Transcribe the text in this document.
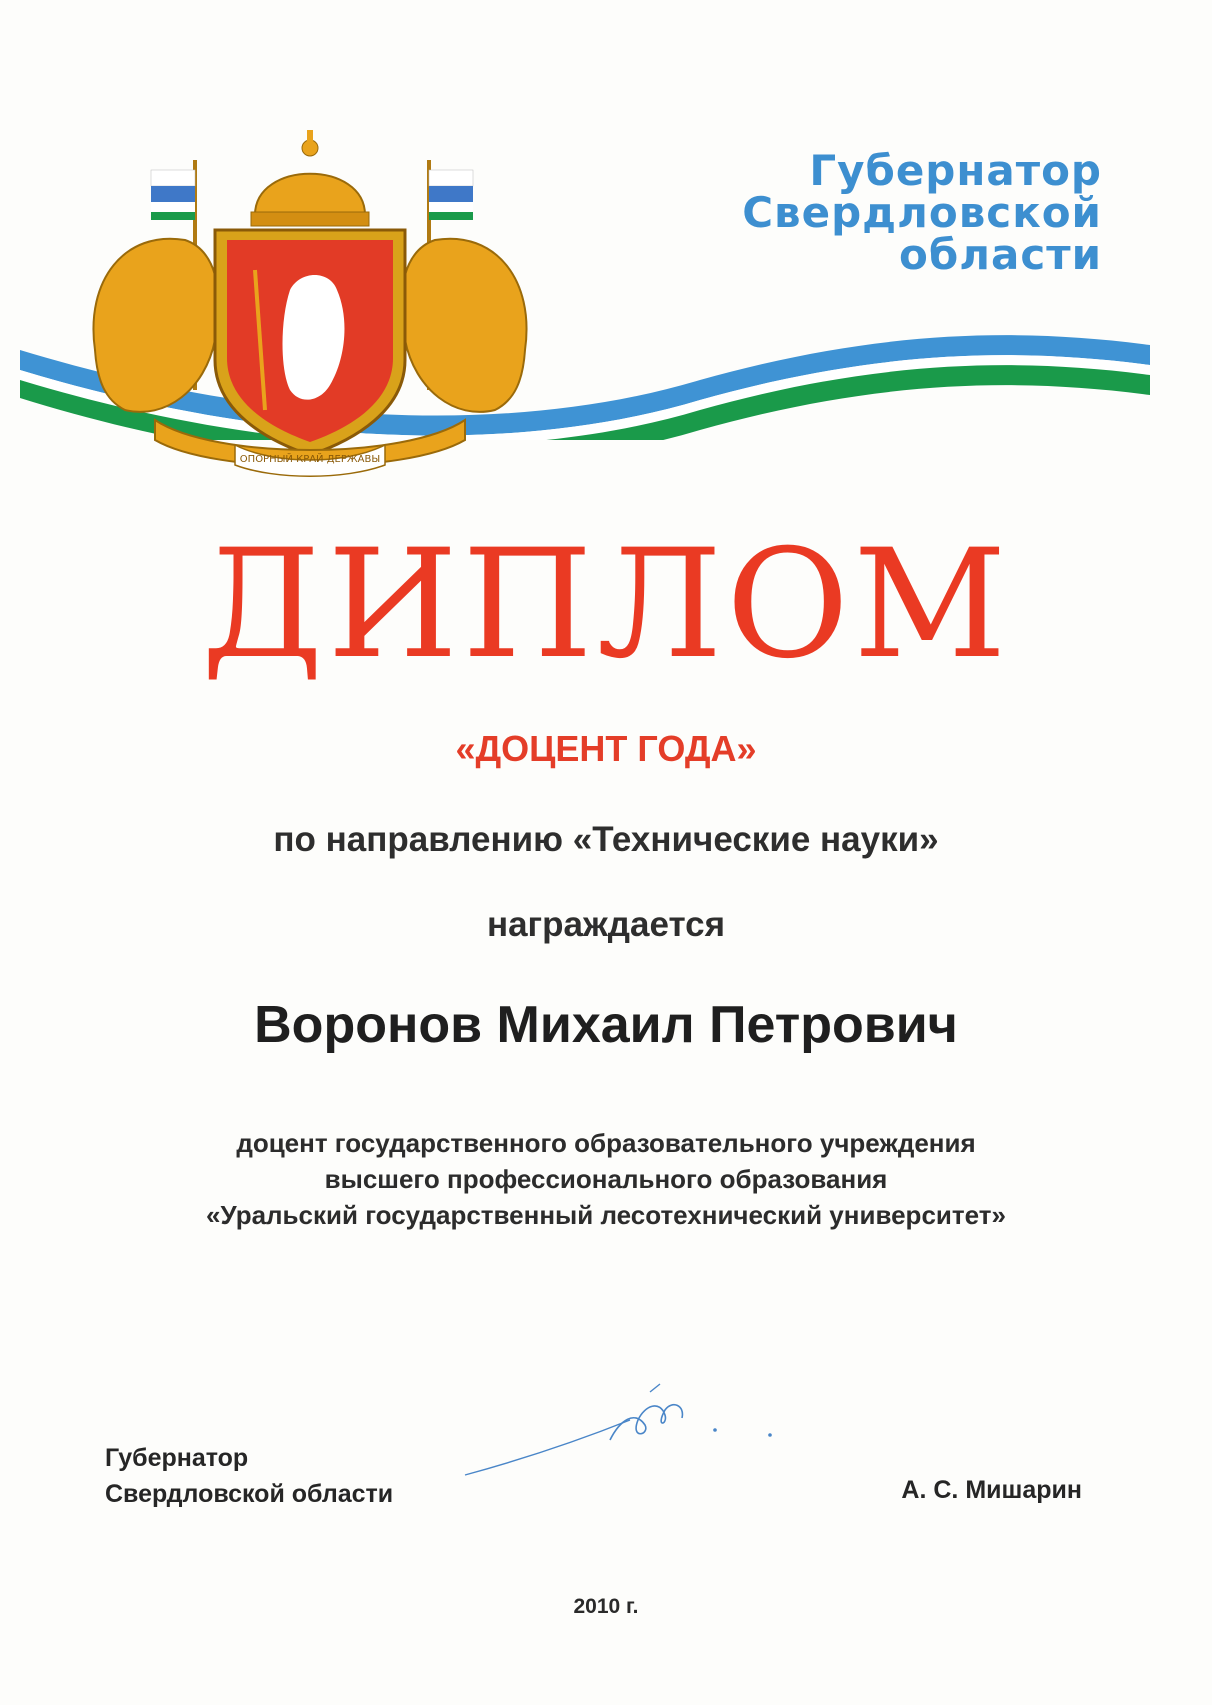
ОПОРНЫЙ КРАЙ ДЕРЖАВЫ
Губернатор
Свердловской
области
ДИПЛОМ
«ДОЦЕНТ ГОДА»
по направлению «Технические науки»
награждается
Воронов Михаил Петрович
доцент государственного образовательного учреждения
высшего профессионального образования
«Уральский государственный лесотехнический университет»
Губернатор
Свердловской области	А. С. Мишарин
2010 г.
